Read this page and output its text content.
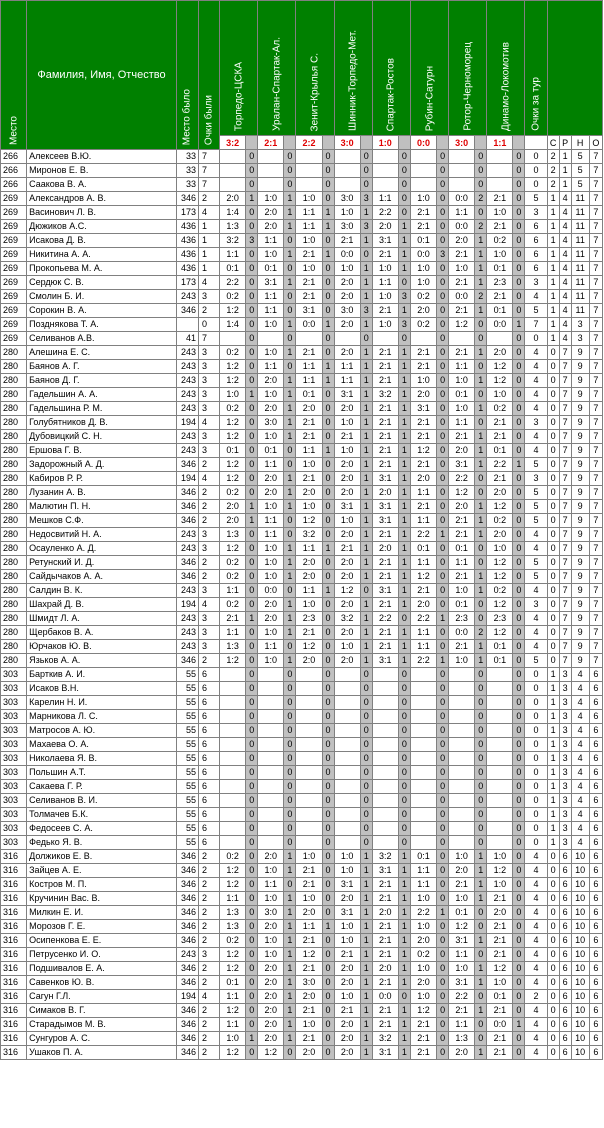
Место	Фамилия, Имя, Отчество	Место было	Очки были	Торпедо-ЦСКА		Уралан-Спартак-Ал.		Зенит-Крылья С.		Шинник-Торпедо-Мет.		Спартак-Ростов		Рубин-Сатурн		Ротор-Черноморец		Динамо-Локомотив		Очки за тур				

				3:2		2:1		2:2		3:0		1:0		0:0		3:0		1:1			С	Р	Н	О
266	Алексеев В.Ю.	33	7		0		0		0		0		0		0		0		0	0	2	1	5	7
266	Миронов Е. В.	33	7		0		0		0		0		0		0		0		0	0	2	1	5	7
266	Саакова В. А.	33	7		0		0		0		0		0		0		0		0	0	2	1	5	7
269	Александров А. В.	346	2	2:0	1	1:0	1	1:0	0	3:0	3	1:1	0	1:0	0	0:0	2	2:1	0	5	1	4	11	7
269	Васинович Л. В.	173	4	1:4	0	2:0	1	1:1	1	1:0	1	2:2	0	2:1	0	1:1	0	1:0	0	3	1	4	11	7
269	Дюжиков А.С.	436	1	1:3	0	2:0	1	1:1	1	3:0	3	2:0	1	2:1	0	0:0	2	2:1	0	6	1	4	11	7
269	Исакова Д. В.	436	1	3:2	3	1:1	0	1:0	0	2:1	1	3:1	1	0:1	0	2:0	1	0:2	0	6	1	4	11	7
269	Никитина А. А.	436	1	1:1	0	1:0	1	2:1	1	0:0	0	2:1	1	0:0	3	2:1	1	1:0	0	6	1	4	11	7
269	Прокопьева М. А.	436	1	0:1	0	0:1	0	1:0	0	1:0	1	1:0	1	1:0	0	1:0	1	0:1	0	6	1	4	11	7
269	Сердюк С. В.	173	4	2:2	0	3:1	1	2:1	0	2:0	1	1:1	0	1:0	0	2:1	1	2:3	0	3	1	4	11	7
269	Смолин Б. И.	243	3	0:2	0	1:1	0	2:1	0	2:0	1	1:0	3	0:2	0	0:0	2	2:1	0	4	1	4	11	7
269	Сорокин В. А.	346	2	1:2	0	1:1	0	3:1	0	3:0	3	2:1	1	2:0	0	2:1	1	0:1	0	5	1	4	11	7
269	Позднякова Т. А.		0	1:4	0	1:0	1	0:0	1	2:0	1	1:0	3	0:2	0	1:2	0	0:0	1	7	1	4	3	7
269	Селиванов А.В.	41	7		0		0		0		0		0		0		0		0	0	1	4	3	7
280	Алешина Е. С.	243	3	0:2	0	1:0	1	2:1	0	2:0	1	2:1	1	2:1	0	2:1	1	2:0	0	4	0	7	9	7
280	Баянов А. Г.	243	3	1:2	0	1:1	0	1:1	1	1:1	1	2:1	1	2:1	0	1:1	0	1:2	0	4	0	7	9	7
280	Баянов Д. Г.	243	3	1:2	0	2:0	1	1:1	1	1:1	1	2:1	1	1:0	0	1:0	1	1:2	0	4	0	7	9	7
280	Гадельшин А. А.	243	3	1:0	1	1:0	1	0:1	0	3:1	1	3:2	1	2:0	0	0:1	0	1:0	0	4	0	7	9	7
280	Гадельшина Р. М.	243	3	0:2	0	2:0	1	2:0	0	2:0	1	2:1	1	3:1	0	1:0	1	0:2	0	4	0	7	9	7
280	Голубятников Д. В.	194	4	1:2	0	3:0	1	2:1	0	1:0	1	2:1	1	2:1	0	1:1	0	2:1	0	3	0	7	9	7
280	Дубовицкий С. Н.	243	3	1:2	0	1:0	1	2:1	0	2:1	1	2:1	1	2:1	0	2:1	1	2:1	0	4	0	7	9	7
280	Ершова Г. В.	243	3	0:1	0	0:1	0	1:1	1	1:0	1	2:1	1	1:2	0	2:0	1	0:1	0	4	0	7	9	7
280	Задорожный А. Д.	346	2	1:2	0	1:1	0	1:0	0	2:0	1	2:1	1	2:1	0	3:1	1	2:2	1	5	0	7	9	7
280	Кабиров Р. Р.	194	4	1:2	0	2:0	1	2:1	0	2:0	1	3:1	1	2:0	0	2:2	0	2:1	0	3	0	7	9	7
280	Лузанин А. В.	346	2	0:2	0	2:0	1	2:0	0	2:0	1	2:0	1	1:1	0	1:2	0	2:0	0	5	0	7	9	7
280	Малютин П. Н.	346	2	2:0	1	1:0	1	1:0	0	3:1	1	3:1	1	2:1	0	2:0	1	1:2	0	5	0	7	9	7
280	Мешков С.Ф.	346	2	2:0	1	1:1	0	1:2	0	1:0	1	3:1	1	1:1	0	2:1	1	0:2	0	5	0	7	9	7
280	Недосвитий Н. А.	243	3	1:3	0	1:1	0	3:2	0	2:0	1	2:1	1	2:2	1	2:1	1	2:0	0	4	0	7	9	7
280	Осауленко А. Д.	243	3	1:2	0	1:0	1	1:1	1	2:1	1	2:0	1	0:1	0	0:1	0	1:0	0	4	0	7	9	7
280	Ретунский И. Д.	346	2	0:2	0	1:0	1	2:0	0	2:0	1	2:1	1	1:1	0	1:1	0	1:2	0	5	0	7	9	7
280	Сайдычаков А. А.	346	2	0:2	0	1:0	1	2:0	0	2:0	1	2:1	1	1:2	0	2:1	1	1:2	0	5	0	7	9	7
280	Салдин В. К.	243	3	1:1	0	0:0	0	1:1	1	1:2	0	3:1	1	2:1	0	1:0	1	0:2	0	4	0	7	9	7
280	Шахрай Д. В.	194	4	0:2	0	2:0	1	1:0	0	2:0	1	2:1	1	2:0	0	0:1	0	1:2	0	3	0	7	9	7
280	Шмидт Л. А.	243	3	2:1	1	2:0	1	2:3	0	3:2	1	2:2	0	2:2	1	2:3	0	2:3	0	4	0	7	9	7
280	Щербаков В. А.	243	3	1:1	0	1:0	1	2:1	0	2:0	1	2:1	1	1:1	0	0:0	2	1:2	0	4	0	7	9	7
280	Юрчаков Ю. В.	243	3	1:3	0	1:1	0	1:2	0	1:0	1	2:1	1	1:1	0	2:1	1	0:1	0	4	0	7	9	7
280	Язьков А. А.	346	2	1:2	0	1:0	1	2:0	0	2:0	1	3:1	1	2:2	1	1:0	1	0:1	0	5	0	7	9	7
303	Барткив А. И.	55	6		0		0		0		0		0		0		0		0	0	1	3	4	6
303	Исаков В.Н.	55	6		0		0		0		0		0		0		0		0	0	1	3	4	6
303	Карелин Н. И.	55	6		0		0		0		0		0		0		0		0	0	1	3	4	6
303	Марникова Л. С.	55	6		0		0		0		0		0		0		0		0	0	1	3	4	6
303	Матросов А. Ю.	55	6		0		0		0		0		0		0		0		0	0	1	3	4	6
303	Махаева О. А.	55	6		0		0		0		0		0		0		0		0	0	1	3	4	6
303	Николаева Я. В.	55	6		0		0		0		0		0		0		0		0	0	1	3	4	6
303	Польшин А.Т.	55	6		0		0		0		0		0		0		0		0	0	1	3	4	6
303	Сакаева Г. Р.	55	6		0		0		0		0		0		0		0		0	0	1	3	4	6
303	Селиванов В. И.	55	6		0		0		0		0		0		0		0		0	0	1	3	4	6
303	Толмачев Б.К.	55	6		0		0		0		0		0		0		0		0	0	1	3	4	6
303	Федосеев С. А.	55	6		0		0		0		0		0		0		0		0	0	1	3	4	6
303	Федько Я. В.	55	6		0		0		0		0		0		0		0		0	0	1	3	4	6
316	Должиков Е. В.	346	2	0:2	0	2:0	1	1:0	0	1:0	1	3:2	1	0:1	0	1:0	1	1:0	0	4	0	6	10	6
316	Зайцев А. Е.	346	2	1:2	0	1:0	1	2:1	0	1:0	1	3:1	1	1:1	0	2:0	1	1:2	0	4	0	6	10	6
316	Костров М. П.	346	2	1:2	0	1:1	0	2:1	0	3:1	1	2:1	1	1:1	0	2:1	1	1:0	0	4	0	6	10	6
316	Кручинин Вас. В.	346	2	1:1	0	1:0	1	1:0	0	2:0	1	2:1	1	1:0	0	1:0	1	2:1	0	4	0	6	10	6
316	Милкин Е. И.	346	2	1:3	0	3:0	1	2:0	0	3:1	1	2:0	1	2:2	1	0:1	0	2:0	0	4	0	6	10	6
316	Морозов Г. Е.	346	2	1:3	0	2:0	1	1:1	1	1:0	1	2:1	1	1:0	0	1:2	0	2:1	0	4	0	6	10	6
316	Осипенкова Е. Е.	346	2	0:2	0	1:0	1	2:1	0	1:0	1	2:1	1	2:0	0	3:1	1	2:1	0	4	0	6	10	6
316	Петрусенко И. О.	243	3	1:2	0	1:0	1	1:2	0	2:1	1	2:1	1	0:2	0	1:1	0	2:1	0	4	0	6	10	6
316	Подшивалов Е. А.	346	2	1:2	0	2:0	1	2:1	0	2:0	1	2:0	1	1:0	0	1:0	1	1:2	0	4	0	6	10	6
316	Савенков Ю. В.	346	2	0:1	0	2:0	1	3:0	0	2:0	1	2:1	1	2:0	0	3:1	1	1:0	0	4	0	6	10	6
316	Сагун Г.Л.	194	4	1:1	0	2:0	1	2:0	0	1:0	1	0:0	0	1:0	0	2:2	0	0:1	0	2	0	6	10	6
316	Симаков В. Г.	346	2	1:2	0	2:0	1	2:1	0	2:1	1	2:1	1	1:2	0	2:1	1	2:1	0	4	0	6	10	6
316	Старадымов М. В.	346	2	1:1	0	2:0	1	1:0	0	2:0	1	2:1	1	2:1	0	1:1	0	0:0	1	4	0	6	10	6
316	Сунгуров А. С.	346	2	1:0	1	2:0	1	2:1	0	2:0	1	3:2	1	2:1	0	1:3	0	2:1	0	4	0	6	10	6
316	Ушаков П. А.	346	2	1:2	0	1:2	0	2:0	0	2:0	1	3:1	1	2:1	0	2:0	1	2:1	0	4	0	6	10	6
